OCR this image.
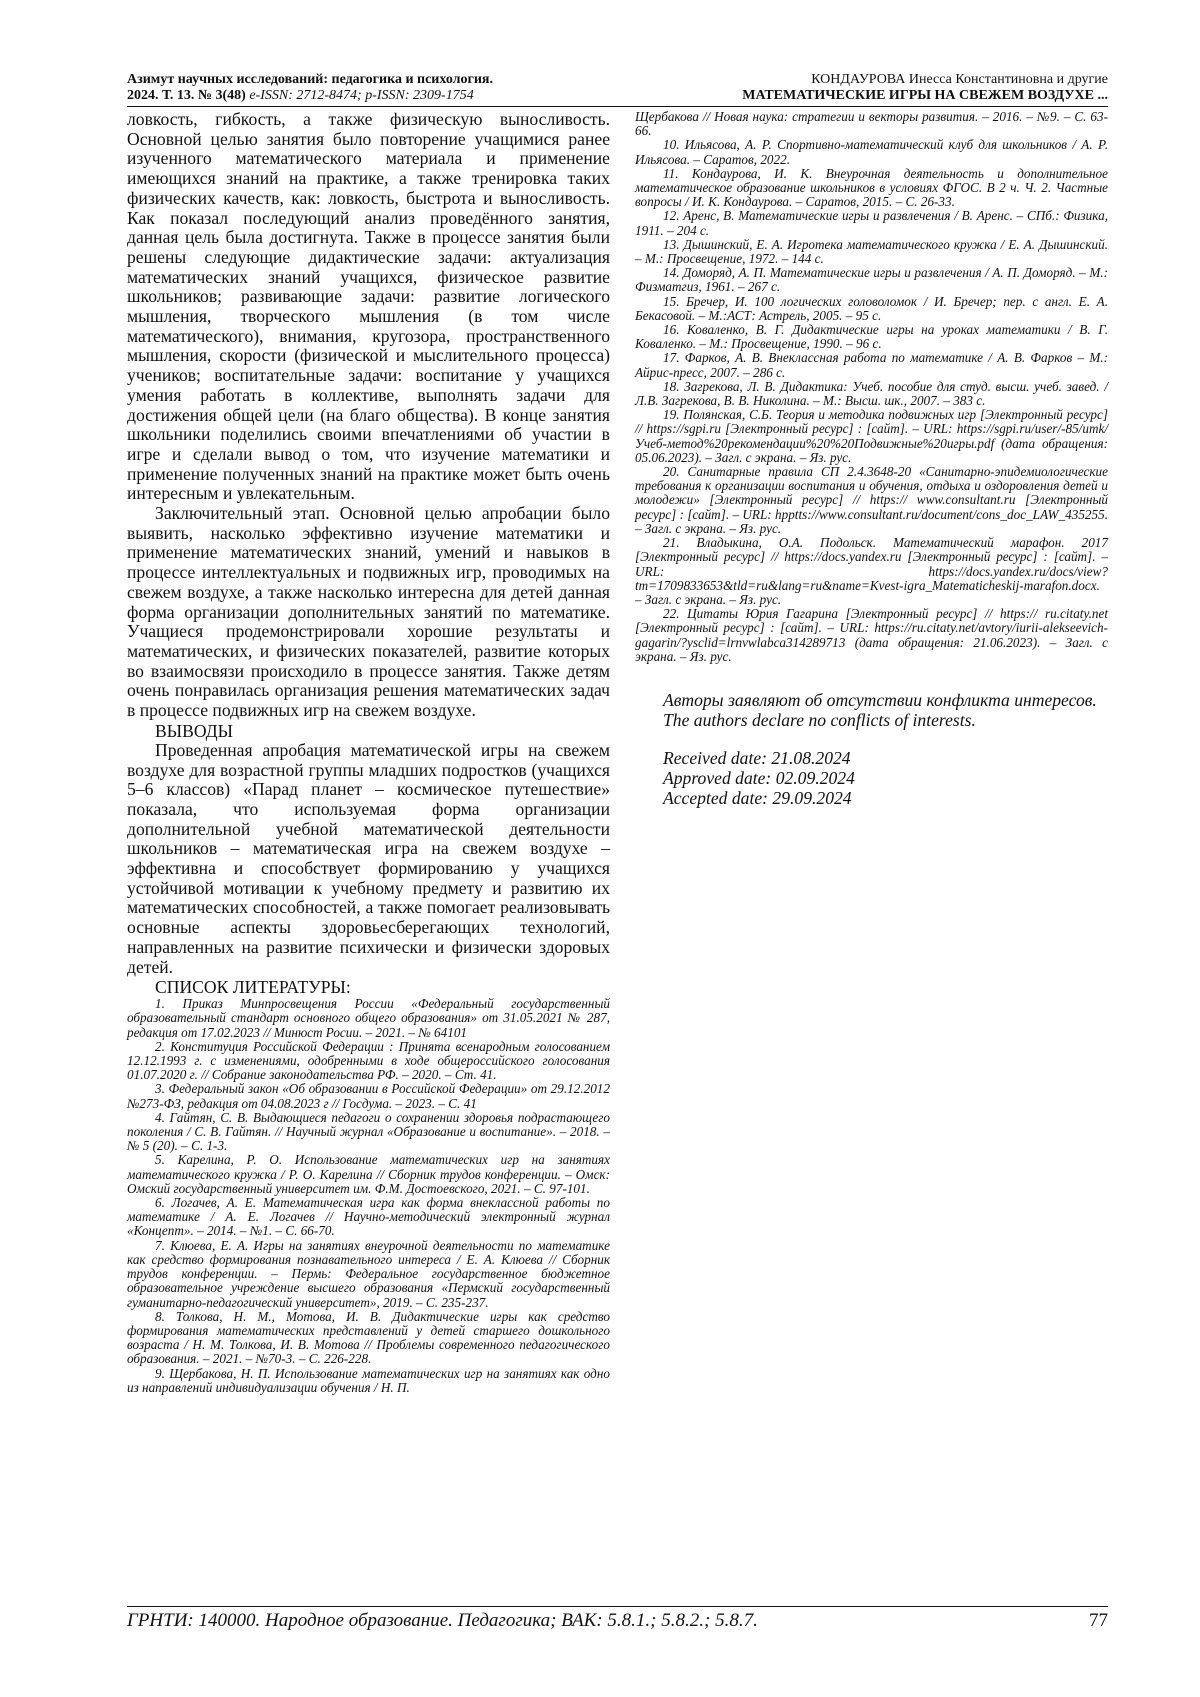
Азимут научных исследований: педагогика и психология.
2024. Т. 13. № 3(48) e-ISSN: 2712-8474; p-ISSN: 2309-1754
КОНДАУРОВА Инесса Константиновна и другие
МАТЕМАТИЧЕСКИЕ ИГРЫ НА СВЕЖЕМ ВОЗДУХЕ ...

ловкость, гибкость, а также физическую выносливость. Основной целью занятия было повторение учащимися ранее изученного математического материала и применение имеющихся знаний на практике, а также тренировка таких физических качеств, как: ловкость, быстрота и выносливость. Как показал последующий анализ проведённого занятия, данная цель была достигнута. Также в процессе занятия были решены следующие дидактические задачи: актуализация математических знаний учащихся, физическое развитие школьников; развивающие задачи: развитие логического мышления, творческого мышления (в том числе математического), внимания, кругозора, пространственного мышления, скорости (физической и мыслительного процесса) учеников; воспитательные задачи: воспитание у учащихся умения работать в коллективе, выполнять задачи для достижения общей цели (на благо общества). В конце занятия школьники поделились своими впечатлениями об участии в игре и сделали вывод о том, что изучение математики и применение полученных знаний на практике может быть очень интересным и увлекательным.

Заключительный этап. Основной целью апробации было выявить, насколько эффективно изучение математики и применение математических знаний, умений и навыков в процессе интеллектуальных и подвижных игр, проводимых на свежем воздухе, а также насколько интересна для детей данная форма организации дополнительных занятий по математике. Учащиеся продемонстрировали хорошие результаты и математических, и физических показателей, развитие которых во взаимосвязи происходило в процессе занятия. Также детям очень понравилась организация решения математических задач в процессе подвижных игр на свежем воздухе.

ВЫВОДЫ

Проведенная апробация математической игры на свежем воздухе для возрастной группы младших подростков (учащихся 5–6 классов) «Парад планет – космическое путешествие» показала, что используемая форма организации дополнительной учебной математической деятельности школьников – математическая игра на свежем воздухе – эффективна и способствует формированию у учащихся устойчивой мотивации к учебному предмету и развитию их математических способностей, а также помогает реализовывать основные аспекты здоровьесберегающих технологий, направленных на развитие психически и физически здоровых детей.

СПИСОК ЛИТЕРАТУРЫ:

1. Приказ Минпросвещения России «Федеральный государственный образовательный стандарт основного общего образования» от 31.05.2021 № 287, редакция от 17.02.2023 // Минюст Росии. – 2021. – № 64101

2. Конституция Российской Федерации : Принята всенародным голосованием 12.12.1993 г. с изменениями, одобренными в ходе общероссийского голосования 01.07.2020 г. // Собрание законодательства РФ. – 2020. – Ст. 41.

3. Федеральный закон «Об образовании в Российской Федерации» от 29.12.2012 №273-ФЗ, редакция от 04.08.2023 г // Госдума. – 2023. – С. 41

4. Гайтян, С. В. Выдающиеся педагоги о сохранении здоровья подрастающего поколения / С. В. Гайтян. // Научный журнал «Образование и воспитание». – 2018. – № 5 (20). – С. 1-3.

5. Карелина, Р. О. Использование математических игр на занятиях математического кружка / Р. О. Карелина // Сборник трудов конференции. – Омск: Омский государственный университет им. Ф.М. Достоевского, 2021. – С. 97-101.

6. Логачев, А. Е. Математическая игра как форма внеклассной работы по математике / А. Е. Логачев // Научно-методический электронный журнал «Концепт». – 2014. – №1. – С. 66-70.

7. Клюева, Е. А. Игры на занятиях внеурочной деятельности по математике как средство формирования познавательного интереса / Е. А. Клюева // Сборник трудов конференции. – Пермь: Федеральное государственное бюджетное образовательное учреждение высшего образования «Пермский государственный гуманитарно-педагогический университет», 2019. – С. 235-237.

8. Толкова, Н. М., Мотова, И. В. Дидактические игры как средство формирования математических представлений у детей старшего дошкольного возраста / Н. М. Толкова, И. В. Мотова // Проблемы современного педагогического образования. – 2021. – №70-3. – С. 226-228.

9. Щербакова, Н. П. Использование математических игр на занятиях как одно из направлений индивидуализации обучения / Н. П.

Щербакова // Новая наука: стратегии и векторы развития. – 2016. – №9. – С. 63-66.

10. Ильясова, А. Р. Спортивно-математический клуб для школьников / А. Р. Ильясова. – Саратов, 2022.

11. Кондаурова, И. К. Внеурочная деятельность и дополнительное математическое образование школьников в условиях ФГОС. В 2 ч. Ч. 2. Частные вопросы / И. К. Кондаурова. – Саратов, 2015. – С. 26-33.

12. Аренс, В. Математические игры и развлечения / В. Аренс. – СПб.: Физика, 1911. – 204 с.

13. Дышинский, Е. А. Игротека математического кружка / Е. А. Дышинский. – М.: Просвещение, 1972. – 144 с.

14. Доморяд, А. П. Математические игры и развлечения / А. П. Доморяд. – М.: Физматгиз, 1961. – 267 с.

15. Бречер, И. 100 логических головоломок / И. Бречер; пер. с англ. Е. А. Бекасовой. – М.:АСТ: Астрель, 2005. – 95 с.

16. Коваленко, В. Г. Дидактические игры на уроках математики / В. Г. Коваленко. – М.: Просвещение, 1990. – 96 с.

17. Фарков, А. В. Внеклассная работа по математике / А. В. Фарков – М.: Айрис-пресс, 2007. – 286 с.

18. Загрекова, Л. В. Дидактика: Учеб. пособие для студ. высш. учеб. завед. / Л.В. Загрекова, В. В. Николина. – М.: Высш. шк., 2007. – 383 с.

19. Полянская, С.Б. Теория и методика подвижных игр [Электронный ресурс] // https://sgpi.ru [Электронный ресурс] : [сайт]. – URL: https://sgpi.ru/user/-85/umk/Учеб-метод%20рекомендации%20%20Подвижные%20игры.pdf (дата обращения: 05.06.2023). – Загл. с экрана. – Яз. рус.

20. Санитарные правила СП 2.4.3648-20 «Санитарно-эпидемиологические требования к организации воспитания и обучения, отдыха и оздоровления детей и молодежи» [Электронный ресурс] // https:// www.consultant.ru [Электронный ресурс] : [сайт]. – URL: hpptts://www.consultant.ru/document/cons_doc_LAW_435255. – Загл. с экрана. – Яз. рус.

21. Владыкина, О.А. Подольск. Математический марафон. 2017 [Электронный ресурс] // https://docs.yandex.ru [Электронный ресурс] : [сайт]. – URL: https://docs.yandex.ru/docs/view?tm=1709833653&tld=ru&lang=ru&name=Kvest-igra_Matematicheskij-marafon.docx. – Загл. с экрана. – Яз. рус.

22. Цитаты Юрия Гагарина [Электронный ресурс] // https:// ru.citaty.net [Электронный ресурс] : [сайт]. – URL: https://ru.citaty.net/avtory/iurii-alekseevich-gagarin/?ysclid=lrnvwlabca314289713 (дата обращения: 21.06.2023). – Загл. с экрана. – Яз. рус.

Авторы заявляют об отсутствии конфликта интересов.

The authors declare no conflicts of interests.

Received date: 21.08.2024

Approved date: 02.09.2024

Accepted date: 29.09.2024

ГРНТИ: 140000. Народное образование. Педагогика; ВАК: 5.8.1.; 5.8.2.; 5.8.7.	77
